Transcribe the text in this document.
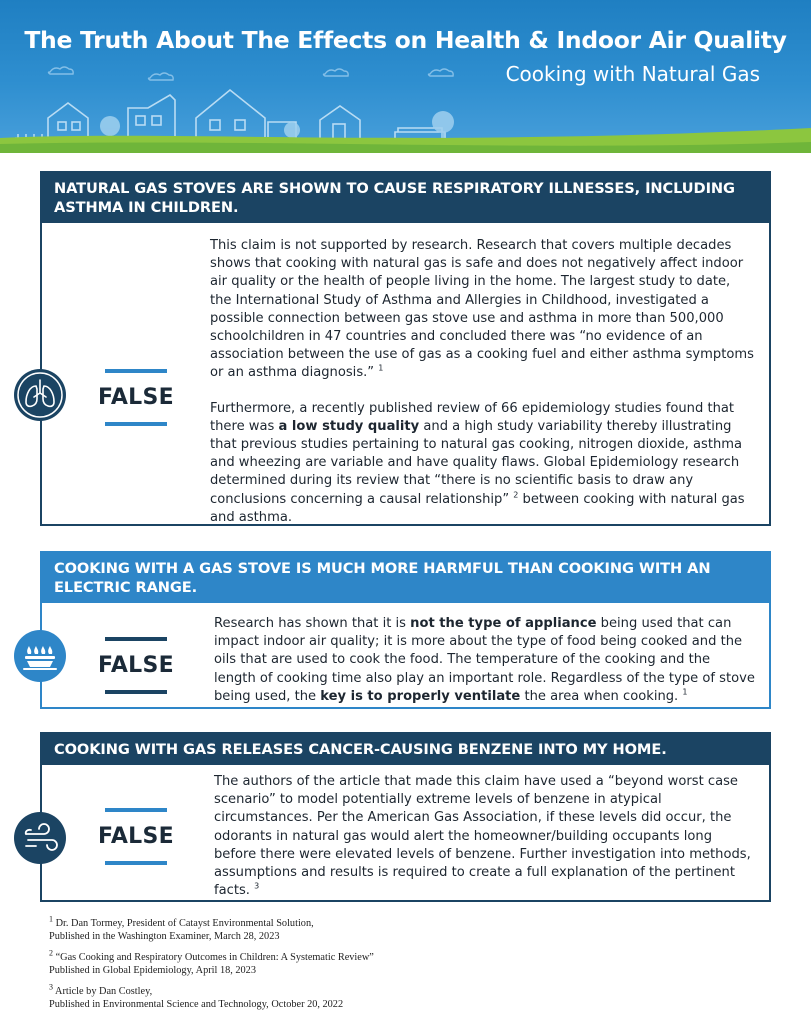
The Truth About The Effects on Health & Indoor Air Quality
Cooking with Natural Gas
NATURAL GAS STOVES ARE SHOWN TO CAUSE RESPIRATORY ILLNESSES, INCLUDING ASTHMA IN CHILDREN.
FALSE

This claim is not supported by research. Research that covers multiple decades shows that cooking with natural gas is safe and does not negatively affect indoor air quality or the health of people living in the home. The largest study to date, the International Study of Asthma and Allergies in Childhood, investigated a possible connection between gas stove use and asthma in more than 500,000 schoolchildren in 47 countries and concluded there was “no evidence of an association between the use of gas as a cooking fuel and either asthma symptoms or an asthma diagnosis.” $^1$

Furthermore, a recently published review of 66 epidemiology studies found that there was a low study quality and a high study variability thereby illustrating that previous studies pertaining to natural gas cooking, nitrogen dioxide, asthma and wheezing are variable and have quality flaws. Global Epidemiology research determined during its review that “there is no scientific basis to draw any conclusions concerning a causal relationship” $^2$ between cooking with natural gas and asthma.

COOKING WITH A GAS STOVE IS MUCH MORE HARMFUL THAN COOKING WITH AN ELECTRIC RANGE.
FALSE

Research has shown that it is not the type of appliance being used that can impact indoor air quality; it is more about the type of food being cooked and the oils that are used to cook the food. The temperature of the cooking and the length of cooking time also play an important role. Regardless of the type of stove being used, the key is to properly ventilate the area when cooking. $^1$

COOKING WITH GAS RELEASES CANCER-CAUSING BENZENE INTO MY HOME.
FALSE

The authors of the article that made this claim have used a “beyond worst case scenario” to model potentially extreme levels of benzene in atypical circumstances. Per the American Gas Association, if these levels did occur, the odorants in natural gas would alert the homeowner/building occupants long before there were elevated levels of benzene. Further investigation into methods, assumptions and results is required to create a full explanation of the pertinent facts. $^3$

$^1$ Dr. Dan Tormey, President of Catayst Environmental Solution,
Published in the Washington Examiner, March 28, 2023
$^2$ “Gas Cooking and Respiratory Outcomes in Children: A Systematic Review”
Published in Global Epidemiology, April 18, 2023
$^3$ Article by Dan Costley,
Published in Environmental Science and Technology, October 20, 2022
